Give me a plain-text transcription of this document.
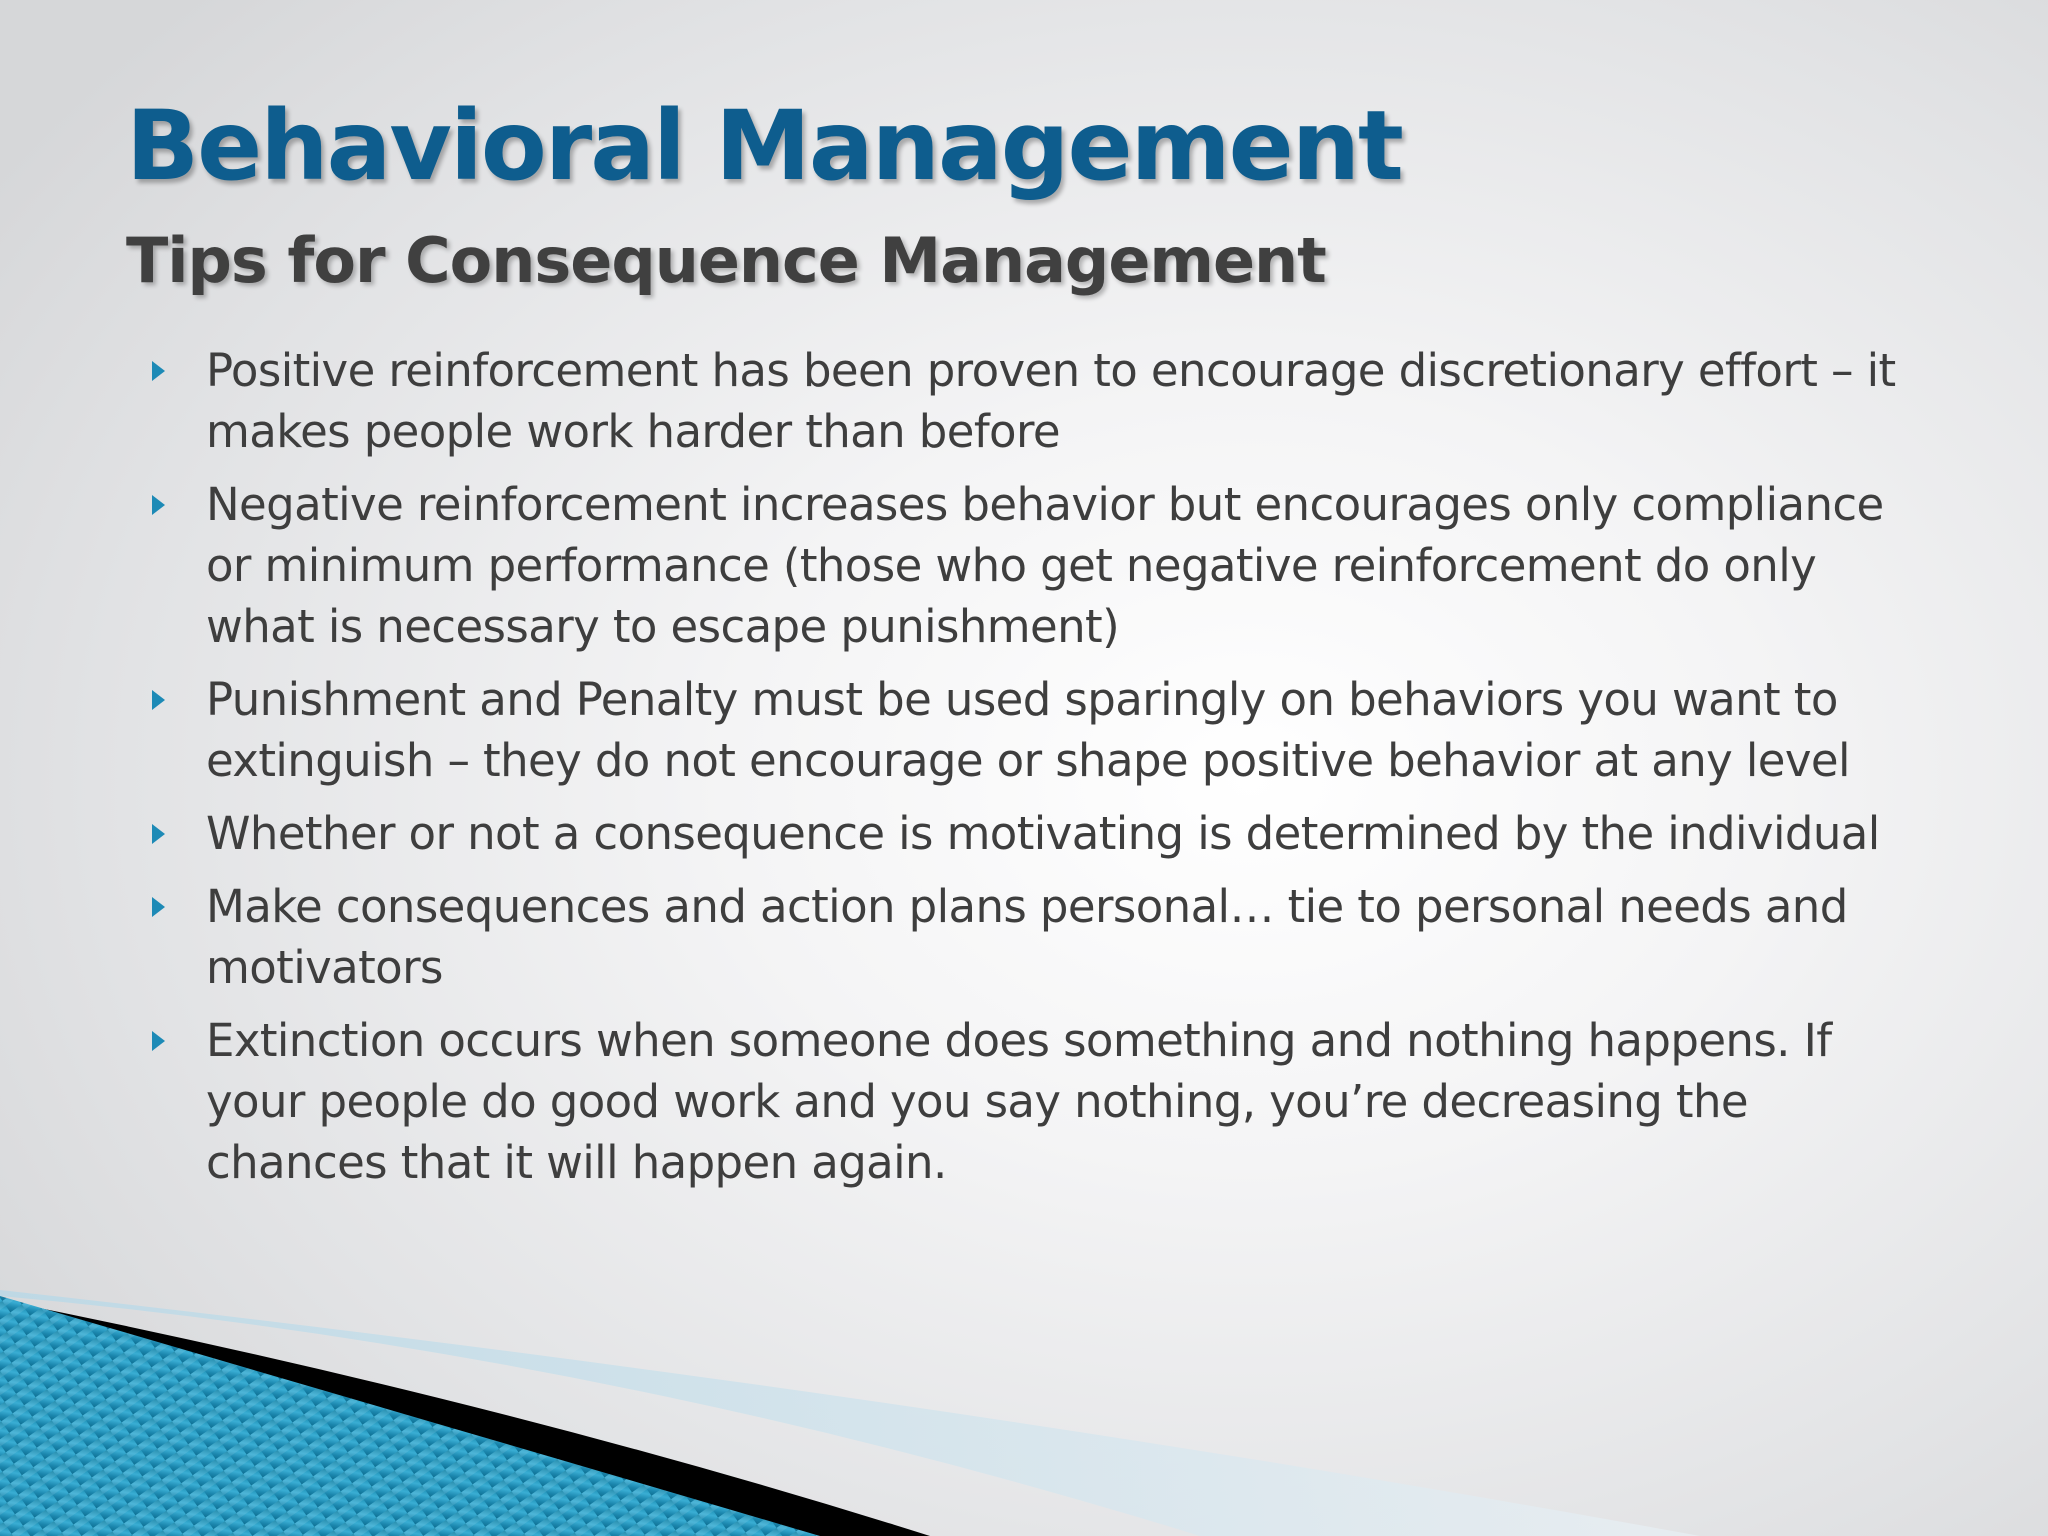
Behavioral Management
Tips for Consequence Management
Positive reinforcement has been proven to encourage discretionary effort – it makes people work harder than before
Negative reinforcement increases behavior but encourages only compliance or minimum performance (those who get negative reinforcement do only what is necessary to escape punishment)
Punishment and Penalty must be used sparingly on behaviors you want to extinguish – they do not encourage or shape positive behavior at any level
Whether or not a consequence is motivating is determined by the individual
Make consequences and action plans personal… tie to personal needs and motivators
Extinction occurs when someone does something and nothing happens. If your people do good work and you say nothing, you’re decreasing the chances that it will happen again.
